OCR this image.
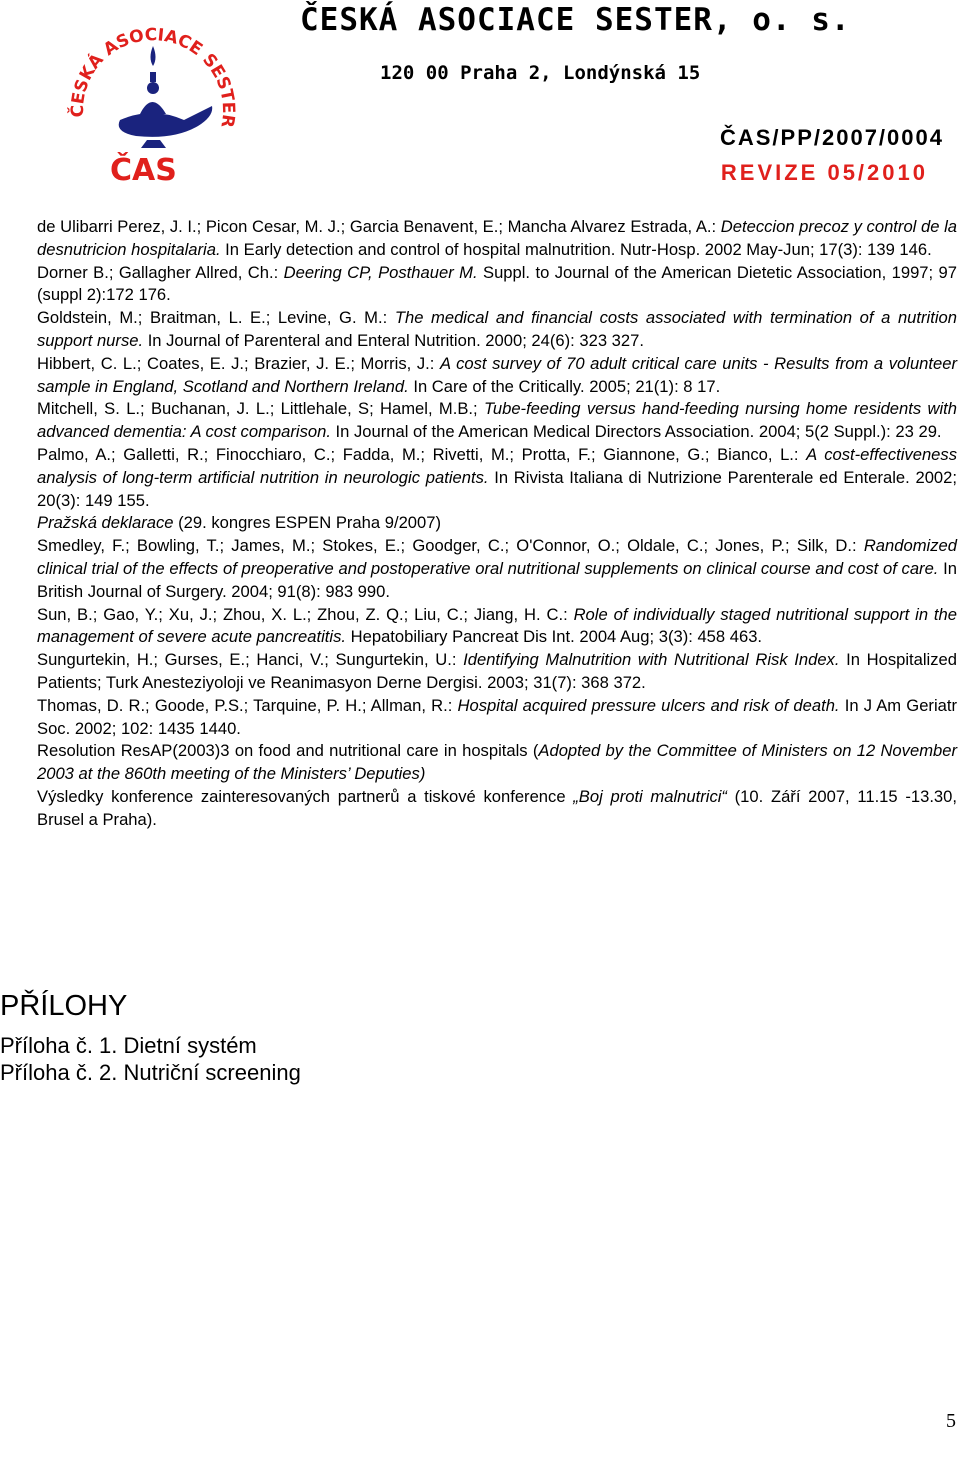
ČESKÁ ASOCIACE SESTER
ČAS
ČESKÁ ASOCIACE SESTER, o. s.
120 00 Praha 2, Londýnská 15
ČAS/PP/2007/0004
REVIZE 05/2010

de Ulibarri Perez, J. I.; Picon Cesar, M. J.; Garcia Benavent, E.; Mancha Alvarez Estrada, A.: Deteccion precoz y control de la desnutricion hospitalaria. In Early detection and control of hospital malnutrition. Nutr-Hosp. 2002 May-Jun; 17(3): 139 146.

Dorner B.; Gallagher Allred, Ch.: Deering CP, Posthauer M. Suppl. to Journal of the American Dietetic Association, 1997; 97 (suppl 2):172 176.

Goldstein, M.; Braitman, L. E.; Levine, G. M.: The medical and financial costs associated with termination of a nutrition support nurse. In Journal of Parenteral and Enteral Nutrition. 2000; 24(6): 323 327.

Hibbert, C. L.; Coates, E. J.; Brazier, J. E.; Morris, J.: A cost survey of 70 adult critical care units - Results from a volunteer sample in England, Scotland and Northern Ireland. In Care of the Critically. 2005; 21(1): 8 17.

Mitchell, S. L.; Buchanan, J. L.; Littlehale, S; Hamel, M.B.; Tube-feeding versus hand-feeding nursing home residents with advanced dementia: A cost comparison. In Journal of the American Medical Directors Association. 2004; 5(2 Suppl.): 23 29.

Palmo, A.; Galletti, R.; Finocchiaro, C.; Fadda, M.; Rivetti, M.; Protta, F.; Giannone, G.; Bianco, L.: A cost-effectiveness analysis of long-term artificial nutrition in neurologic patients. In Rivista Italiana di Nutrizione Parenterale ed Enterale. 2002; 20(3): 149 155.

Pražská deklarace (29. kongres ESPEN Praha 9/2007)

Smedley, F.; Bowling, T.; James, M.; Stokes, E.; Goodger, C.; O'Connor, O.; Oldale, C.; Jones, P.; Silk, D.: Randomized clinical trial of the effects of preoperative and postoperative oral nutritional supplements on clinical course and cost of care. In British Journal of Surgery. 2004; 91(8): 983 990.

Sun, B.; Gao, Y.; Xu, J.; Zhou, X. L.; Zhou, Z. Q.; Liu, C.; Jiang, H. C.: Role of individually staged nutritional support in the management of severe acute pancreatitis. Hepatobiliary Pancreat Dis Int. 2004 Aug; 3(3): 458 463.

Sungurtekin, H.; Gurses, E.; Hanci, V.; Sungurtekin, U.: Identifying Malnutrition with Nutritional Risk Index. In Hospitalized Patients; Turk Anesteziyoloji ve Reanimasyon Derne Dergisi. 2003; 31(7): 368 372.

Thomas, D. R.; Goode, P.S.; Tarquine, P. H.; Allman, R.: Hospital acquired pressure ulcers and risk of death. In J Am Geriatr Soc. 2002; 102: 1435 1440.

Resolution ResAP(2003)3 on food and nutritional care in hospitals (Adopted by the Committee of Ministers on 12 November 2003 at the 860th meeting of the Ministers’ Deputies)

Výsledky konference zainteresovaných partnerů a tiskové konference „Boj proti malnutrici“ (10. Září 2007, 11.15 -13.30, Brusel a Praha).

PŘÍLOHY
Příloha č. 1. Dietní systém
Příloha č. 2. Nutriční screening
5
